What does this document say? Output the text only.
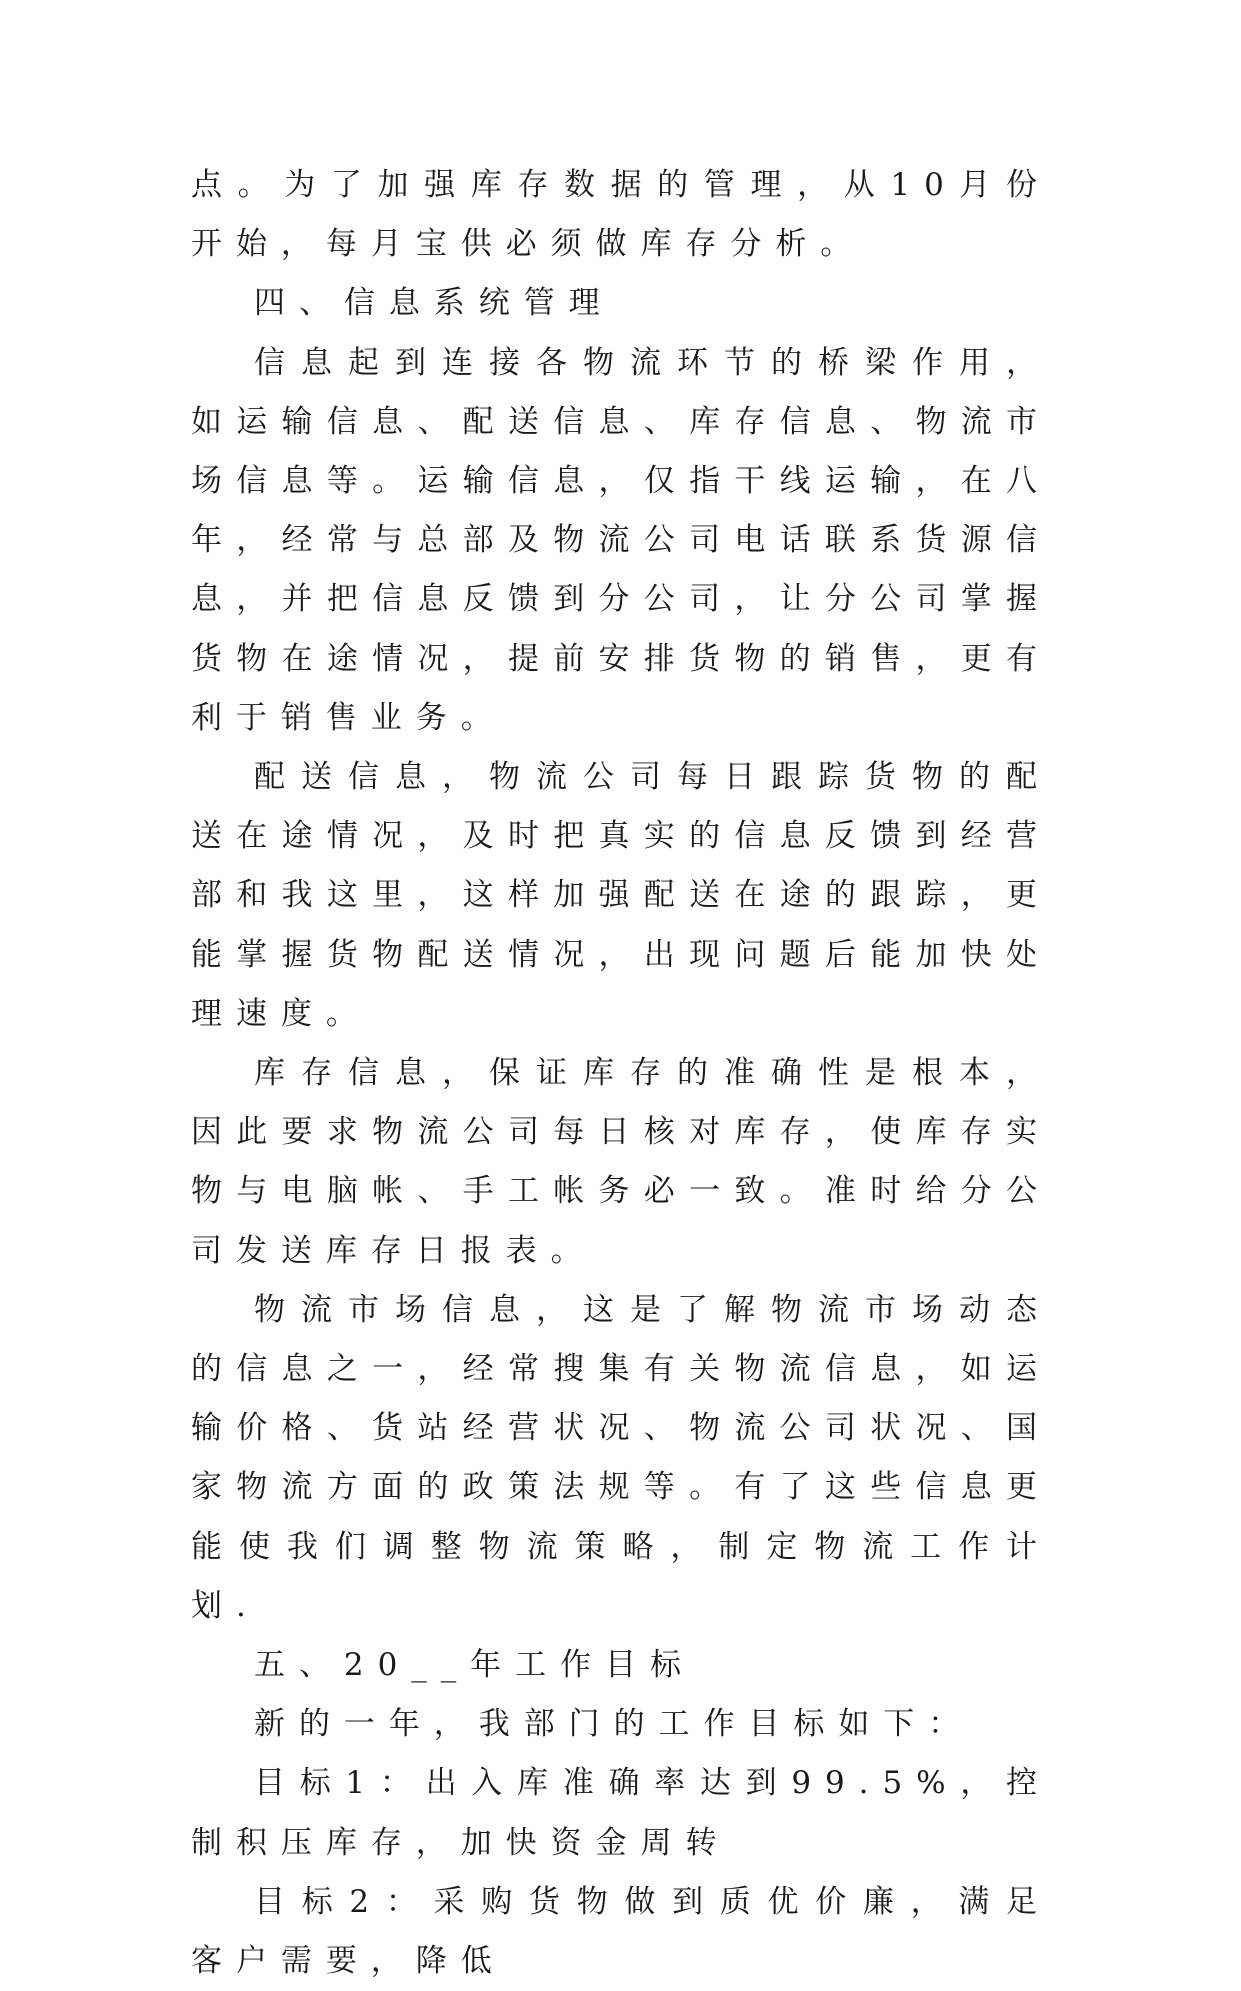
点。为了加强库存数据的管理，从10月份开始，每月宝供必须做库存分析。

四、信息系统管理

信息起到连接各物流环节的桥梁作用，如运输信息、配送信息、库存信息、物流市场信息等。运输信息，仅指干线运输，在八年，经常与总部及物流公司电话联系货源信息，并把信息反馈到分公司，让分公司掌握货物在途情况，提前安排货物的销售，更有利于销售业务。

配送信息，物流公司每日跟踪货物的配送在途情况，及时把真实的信息反馈到经营部和我这里，这样加强配送在途的跟踪，更能掌握货物配送情况，出现问题后能加快处理速度。

库存信息，保证库存的准确性是根本，因此要求物流公司每日核对库存，使库存实物与电脑帐、手工帐务必一致。准时给分公司发送库存日报表。

物流市场信息，这是了解物流市场动态的信息之一，经常搜集有关物流信息，如运输价格、货站经营状况、物流公司状况、国家物流方面的政策法规等。有了这些信息更能使我们调整物流策略，制定物流工作计划.

五、20__年工作目标

新的一年，我部门的工作目标如下：

目标1：出入库准确率达到99.5%，控制积压库存，加快资金周转

目标2：采购货物做到质优价廉，满足客户需要，降低
